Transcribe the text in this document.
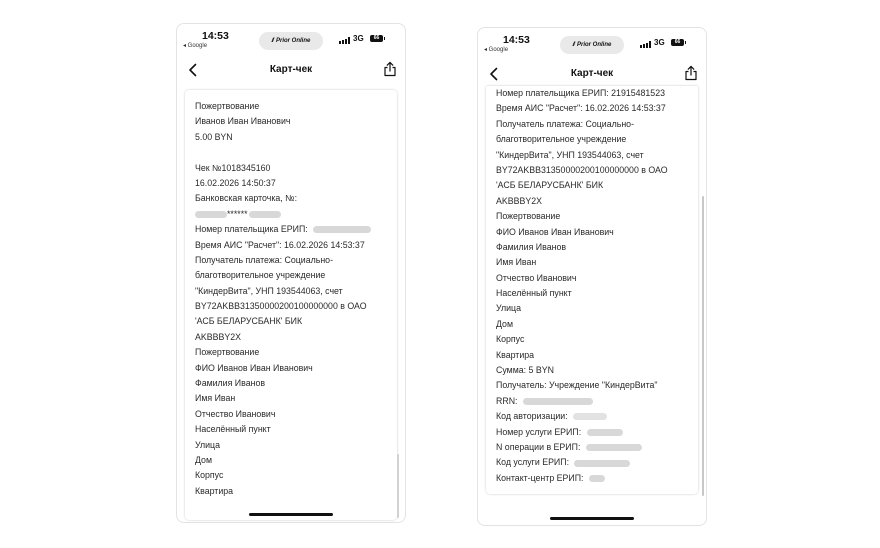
14:53
◂ Google
// Prior Online	3G	66
Карт-чек
Пожертвование
Иванов Иван Иванович
5.00 BYN
Чек №1018345160
16.02.2026 14:50:37
Банковская карточка, №:
******
Номер плательщика ЕРИП:
Время АИС "Расчет": 16.02.2026 14:53:37
Получатель платежа: Социально-
благотворительное учреждение
"КиндерВита", УНП 193544063, счет
BY72AKBB31350000200100000000 в ОАО
'АСБ БЕЛАРУСБАНК' БИК
AKBBBY2X
Пожертвование
ФИО Иванов Иван Иванович
Фамилия Иванов
Имя Иван
Отчество Иванович
Населённый пункт
Улица
Дом
Корпус
Квартира
14:53
◂ Google
// Prior Online	3G	66
Карт-чек
Номер плательщика ЕРИП: 21915481523
Время АИС "Расчет": 16.02.2026 14:53:37
Получатель платежа: Социально-
благотворительное учреждение
"КиндерВита", УНП 193544063, счет
BY72AKBB31350000200100000000 в ОАО
'АСБ БЕЛАРУСБАНК' БИК
AKBBBY2X
Пожертвование
ФИО Иванов Иван Иванович
Фамилия Иванов
Имя Иван
Отчество Иванович
Населённый пункт
Улица
Дом
Корпус
Квартира
Сумма: 5 BYN
Получатель: Учреждение "КиндерВита"
RRN:
Код авторизации:
Номер услуги ЕРИП:
N операции в ЕРИП:
Код услуги ЕРИП:
Контакт-центр ЕРИП:
